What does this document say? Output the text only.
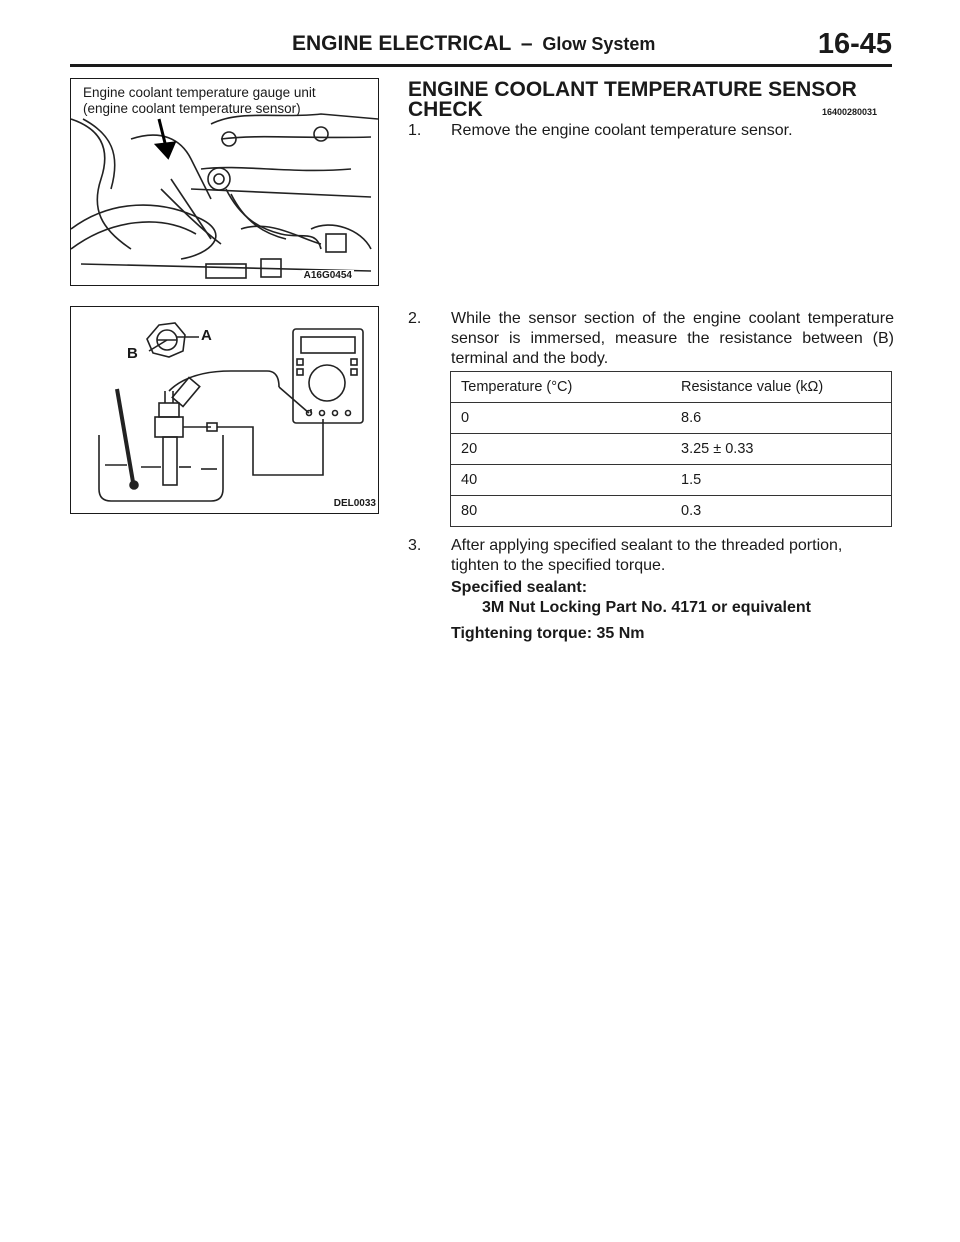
ENGINE ELECTRICAL – Glow System	16-45
Engine coolant temperature gauge unit
(engine coolant temperature sensor)
A16G0454
A
B
DEL0033
ENGINE COOLANT TEMPERATURE SENSOR
CHECK	16400280031
1. Remove the engine coolant temperature sensor.
2. While the sensor section of the engine coolant temperature sensor is immersed, measure the resistance between (B) terminal and the body.
Temperature (°C)	Resistance value (kΩ)
0	8.6
20	3.25 ± 0.33
40	1.5
80	0.3
3. After applying specified sealant to the threaded portion, tighten to the specified torque.
Specified sealant:
3M Nut Locking Part No. 4171 or equivalent
Tightening torque: 35 Nm
